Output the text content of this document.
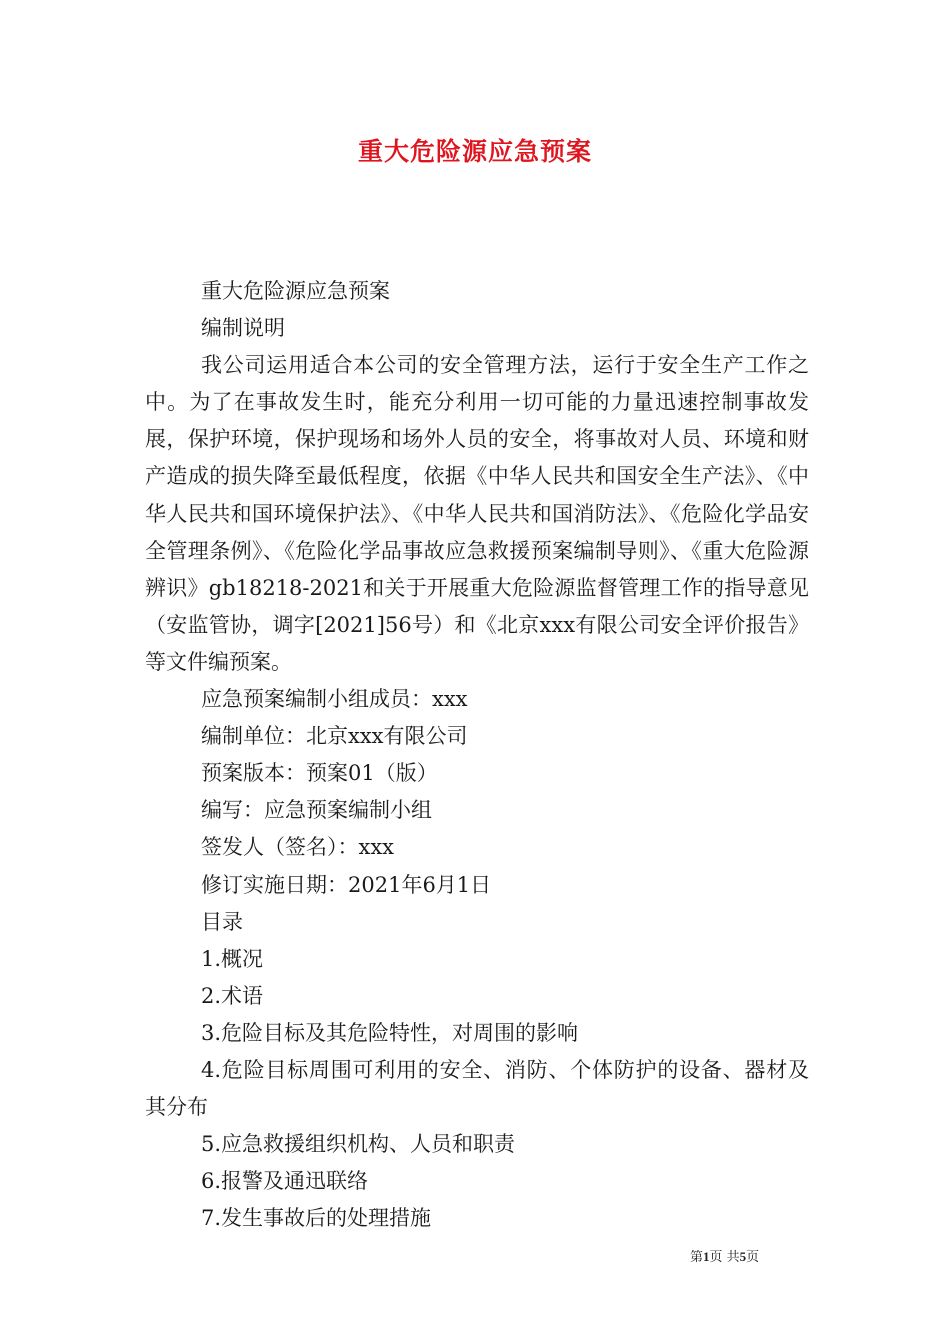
重大危险源应急预案

重大危险源应急预案

编制说明

我公司运用适合本公司的安全管理方法，运行于安全生产工作之中。为了在事故发生时，能充分利用一切可能的力量迅速控制事故发展，保护环境，保护现场和场外人员的安全，将事故对人员、环境和财产造成的损失降至最低程度，依据《中华人民共和国安全生产法》、《中华人民共和国环境保护法》、《中华人民共和国消防法》、《危险化学品安全管理条例》、《危险化学品事故应急救援预案编制导则》、《重大危险源辨识》gb18218-2021和关于开展重大危险源监督管理工作的指导意见（安监管协，调字[2021]56号）和《北京xxx有限公司安全评价报告》等文件编预案。

应急预案编制小组成员：xxx

编制单位：北京xxx有限公司

预案版本：预案01（版）

编写：应急预案编制小组

签发人（签名）：xxx

修订实施日期：2021年6月1日

目录

1.概况

2.术语

3.危险目标及其危险特性，对周围的影响

4.危险目标周围可利用的安全、消防、个体防护的设备、器材及其分布

5.应急救援组织机构、人员和职责

6.报警及通迅联络

7.发生事故后的处理措施

第1页 共5页
